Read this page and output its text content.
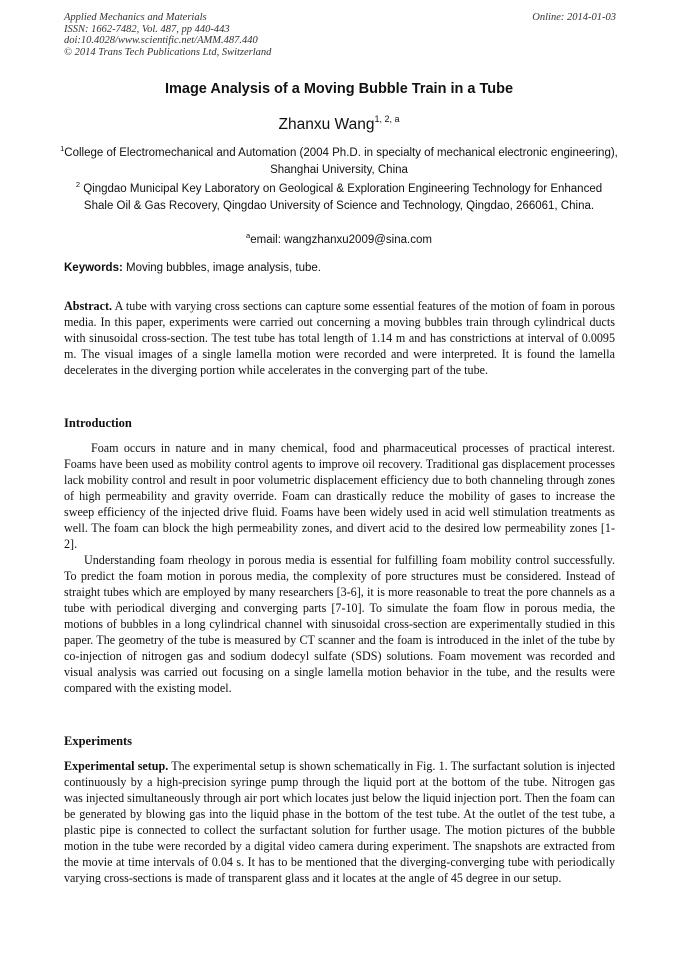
Applied Mechanics and Materials
ISSN: 1662-7482, Vol. 487, pp 440-443
doi:10.4028/www.scientific.net/AMM.487.440
© 2014 Trans Tech Publications Ltd, Switzerland
Online: 2014-01-03
Image Analysis of a Moving Bubble Train in a Tube
Zhanxu Wang$^{1, 2, a}$
$^1$College of Electromechanical and Automation (2004 Ph.D. in specialty of mechanical electronic engineering), Shanghai University, China
$^2$ Qingdao Municipal Key Laboratory on Geological & Exploration Engineering Technology for Enhanced Shale Oil & Gas Recovery, Qingdao University of Science and Technology, Qingdao, 266061, China.
$^a$email: wangzhanxu2009@sina.com
Keywords: Moving bubbles, image analysis, tube.
Abstract. A tube with varying cross sections can capture some essential features of the motion of foam in porous media. In this paper, experiments were carried out concerning a moving bubbles train through cylindrical ducts with sinusoidal cross-section. The test tube has total length of 1.14 m and has constrictions at interval of 0.0095 m. The visual images of a single lamella motion were recorded and were interpreted. It is found the lamella decelerates in the diverging portion while accelerates in the converging part of the tube.
Introduction

Foam occurs in nature and in many chemical, food and pharmaceutical processes of practical interest. Foams have been used as mobility control agents to improve oil recovery. Traditional gas displacement processes lack mobility control and result in poor volumetric displacement efficiency due to both channeling through zones of high permeability and gravity override. Foam can drastically reduce the mobility of gases to increase the sweep efficiency of the injected drive fluid. Foams have been widely used in acid well stimulation treatments as well. The foam can block the high permeability zones, and divert acid to the desired low permeability zones [1-2].

Understanding foam rheology in porous media is essential for fulfilling foam mobility control successfully. To predict the foam motion in porous media, the complexity of pore structures must be considered. Instead of straight tubes which are employed by many researchers [3-6], it is more reasonable to treat the pore channels as a tube with periodical diverging and converging parts [7-10]. To simulate the foam flow in porous media, the motions of bubbles in a long cylindrical channel with sinusoidal cross-section are experimentally studied in this paper. The geometry of the tube is measured by CT scanner and the foam is introduced in the inlet of the tube by co-injection of nitrogen gas and sodium dodecyl sulfate (SDS) solutions. Foam movement was recorded and visual analysis was carried out focusing on a single lamella motion behavior in the tube, and the results were compared with the existing model.

Experiments

Experimental setup. The experimental setup is shown schematically in Fig. 1. The surfactant solution is injected continuously by a high-precision syringe pump through the liquid port at the bottom of the tube. Nitrogen gas was injected simultaneously through air port which locates just below the liquid injection port. Then the foam can be generated by blowing gas into the liquid phase in the bottom of the test tube. At the outlet of the test tube, a plastic pipe is connected to collect the surfactant solution for further usage. The motion pictures of the bubble motion in the tube were recorded by a digital video camera during experiment. The snapshots are extracted from the movie at time intervals of 0.04 s. It has to be mentioned that the diverging-converging tube with periodically varying cross-sections is made of transparent glass and it locates at the angle of 45 degree in our setup.
